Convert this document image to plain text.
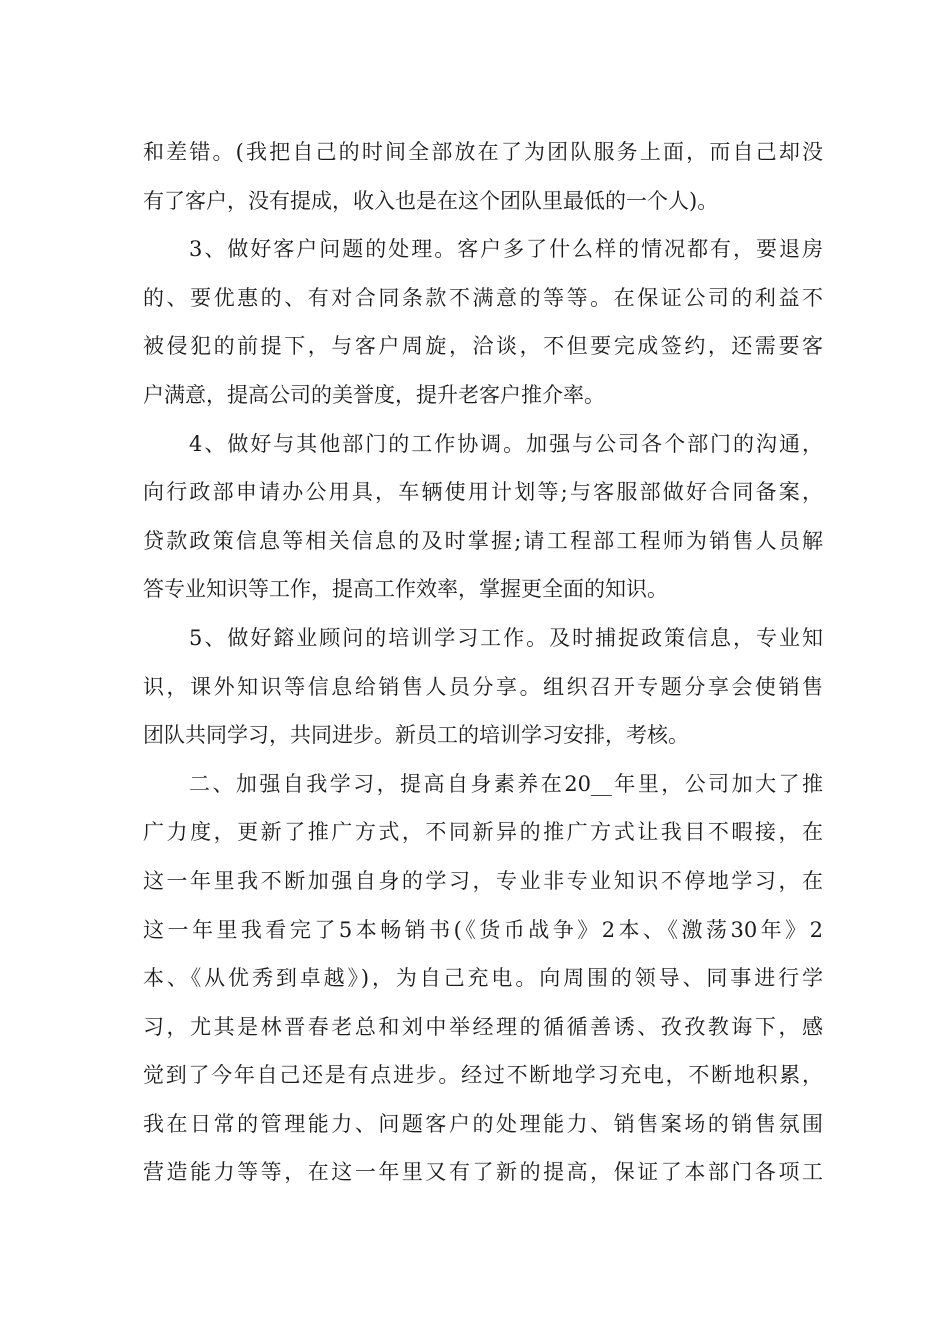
和差错。(我把自己的时间全部放在了为团队服务上面，而自己却没
有了客户，没有提成，收入也是在这个团队里最低的一个人)。
3、做好客户问题的处理。客户多了什么样的情况都有，要退房
的、要优惠的、有对合同条款不满意的等等。在保证公司的利益不
被侵犯的前提下，与客户周旋，洽谈，不但要完成签约，还需要客
户满意，提高公司的美誉度，提升老客户推介率。
4、做好与其他部门的工作协调。加强与公司各个部门的沟通，
向行政部申请办公用具，车辆使用计划等;与客服部做好合同备案，
贷款政策信息等相关信息的及时掌握;请工程部工程师为销售人员解
答专业知识等工作，提高工作效率，掌握更全面的知识。
5、做好鎔业顾问的培训学习工作。及时捕捉政策信息，专业知
识，课外知识等信息给销售人员分享。组织召开专题分享会使销售
团队共同学习，共同进步。新员工的培训学习安排，考核。
二、加强自我学习，提高自身素养在20__年里，公司加大了推
广力度，更新了推广方式，不同新异的推广方式让我目不暇接，在
这一年里我不断加强自身的学习，专业非专业知识不停地学习，在
这一年里我看完了5本畅销书(《货币战争》2本、《激荡30年》2
本、《从优秀到卓越》)，为自己充电。向周围的领导、同事进行学
习，尤其是林晋春老总和刘中举经理的循循善诱、孜孜教诲下，感
觉到了今年自己还是有点进步。经过不断地学习充电，不断地积累，
我在日常的管理能力、问题客户的处理能力、销售案场的销售氛围
营造能力等等，在这一年里又有了新的提高，保证了本部门各项工
